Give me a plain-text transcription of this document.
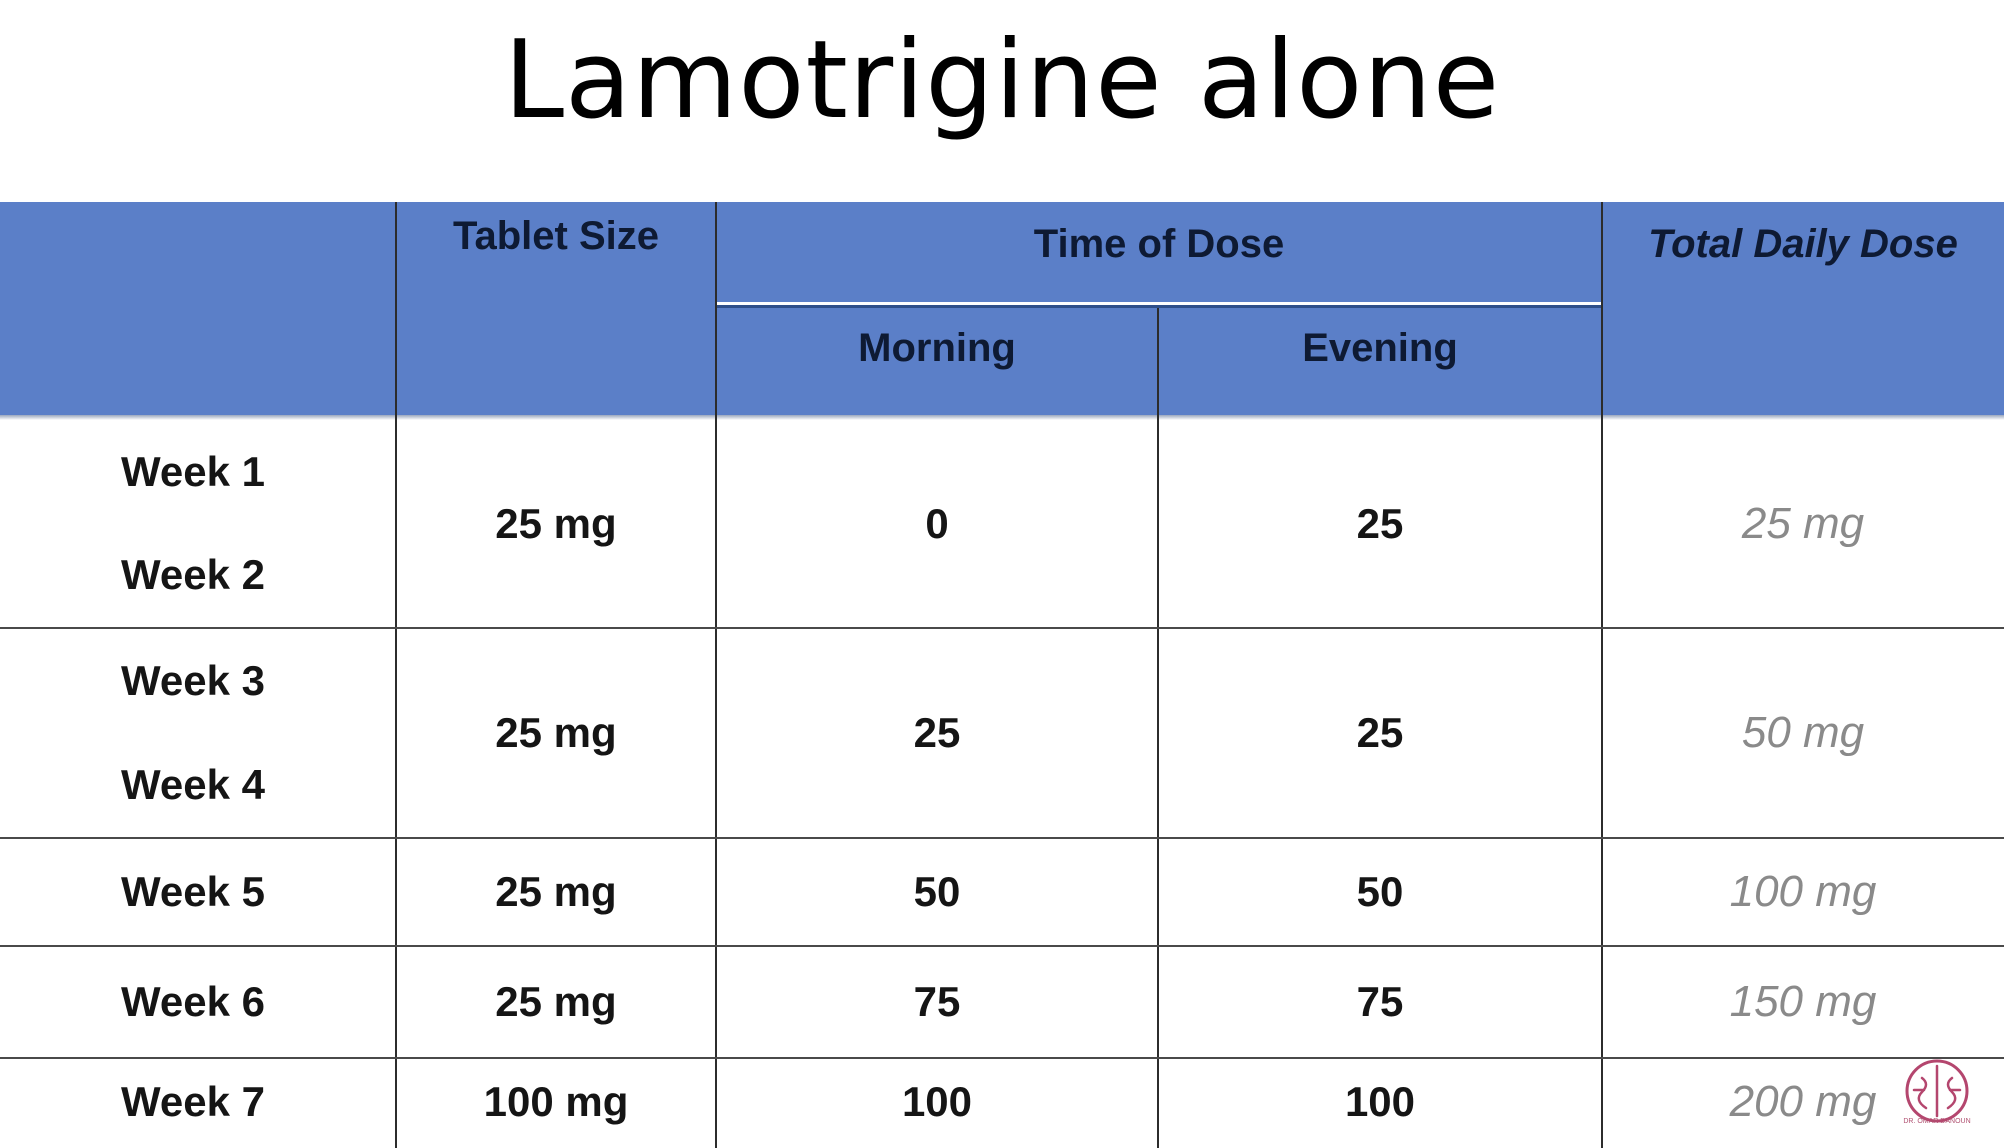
Lamotrigine alone
Tablet Size	Time of Dose
Morning	Evening
Total Daily Dose
Week 1
Week 2
25 mg	0	25	25 mg
Week 3
Week 4
25 mg	25	25	50 mg
Week 5	25 mg	50	50	100 mg
Week 6	25 mg	75	75	150 mg
Week 7	100 mg	100	100	200 mg	DR. OMAR DANOUN
